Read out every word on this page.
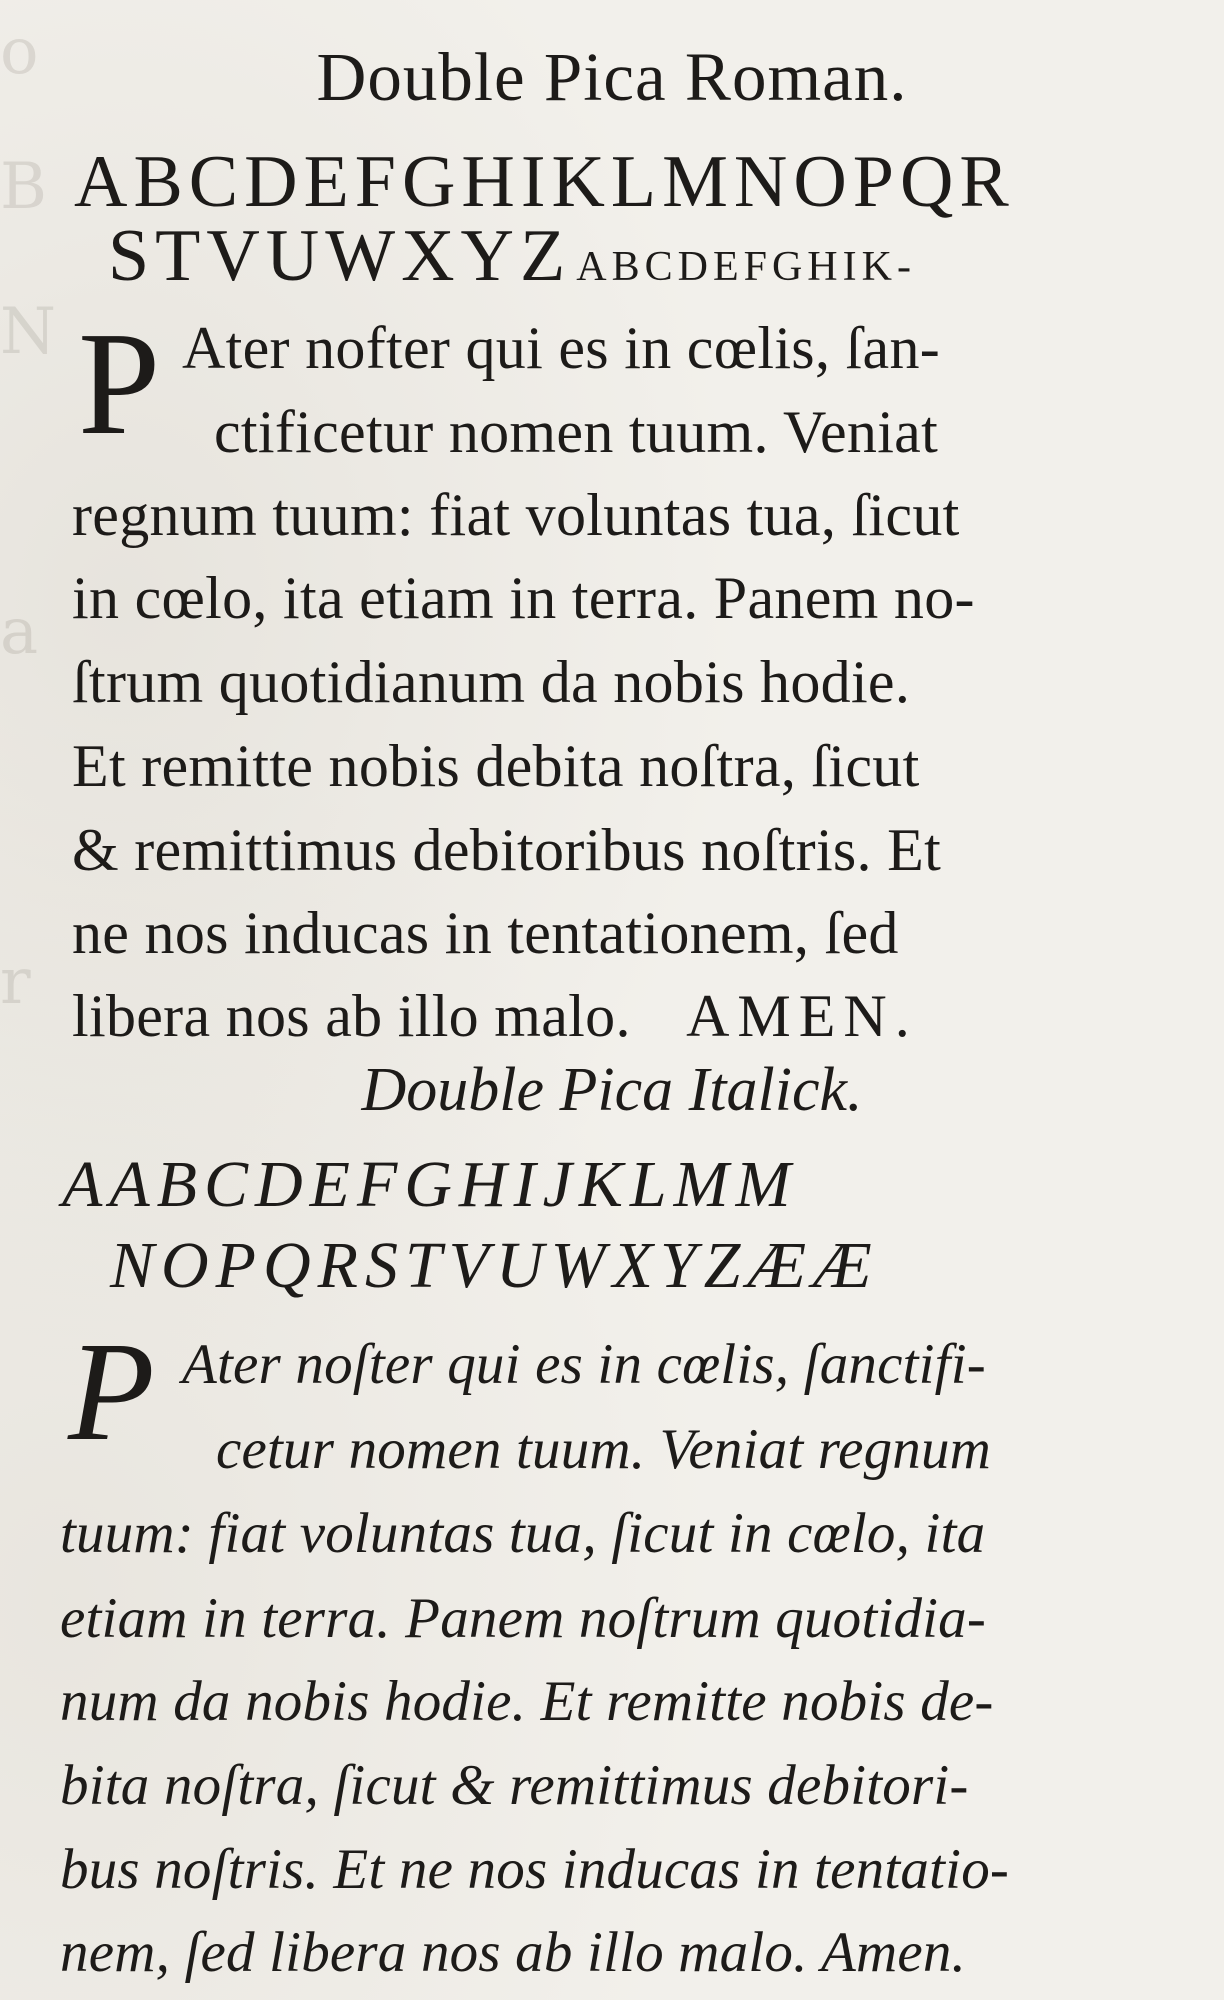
o
B
N
a
r
Double Pica Roman.
ABCDEFGHIKLMNOPQR
STVUWXYZ ABCDEFGHIK-
P Ater nofter qui es in cœlis, ſan-
ctificetur nomen tuum. Veniat
regnum tuum: fiat voluntas tua, ſicut
in cœlo, ita etiam in terra. Panem no-
ſtrum quotidianum da nobis hodie.
Et remitte nobis debita noſtra, ſicut
& remittimus debitoribus noſtris. Et
ne nos inducas in tentationem, ſed
libera nos ab illo malo. AMEN.
Double Pica Italick.
AABCDEFGHIJKLMM
NOPQRSTVUWXYZÆÆ
P Ater noſter qui es in cœlis, ſanctifi-
cetur nomen tuum. Veniat regnum
tuum: fiat voluntas tua, ſicut in cœlo, ita
etiam in terra. Panem noſtrum quotidia-
num da nobis hodie. Et remitte nobis de-
bita noſtra, ſicut & remittimus debitori-
bus noſtris. Et ne nos inducas in tentatio-
nem, ſed libera nos ab illo malo. Amen.
